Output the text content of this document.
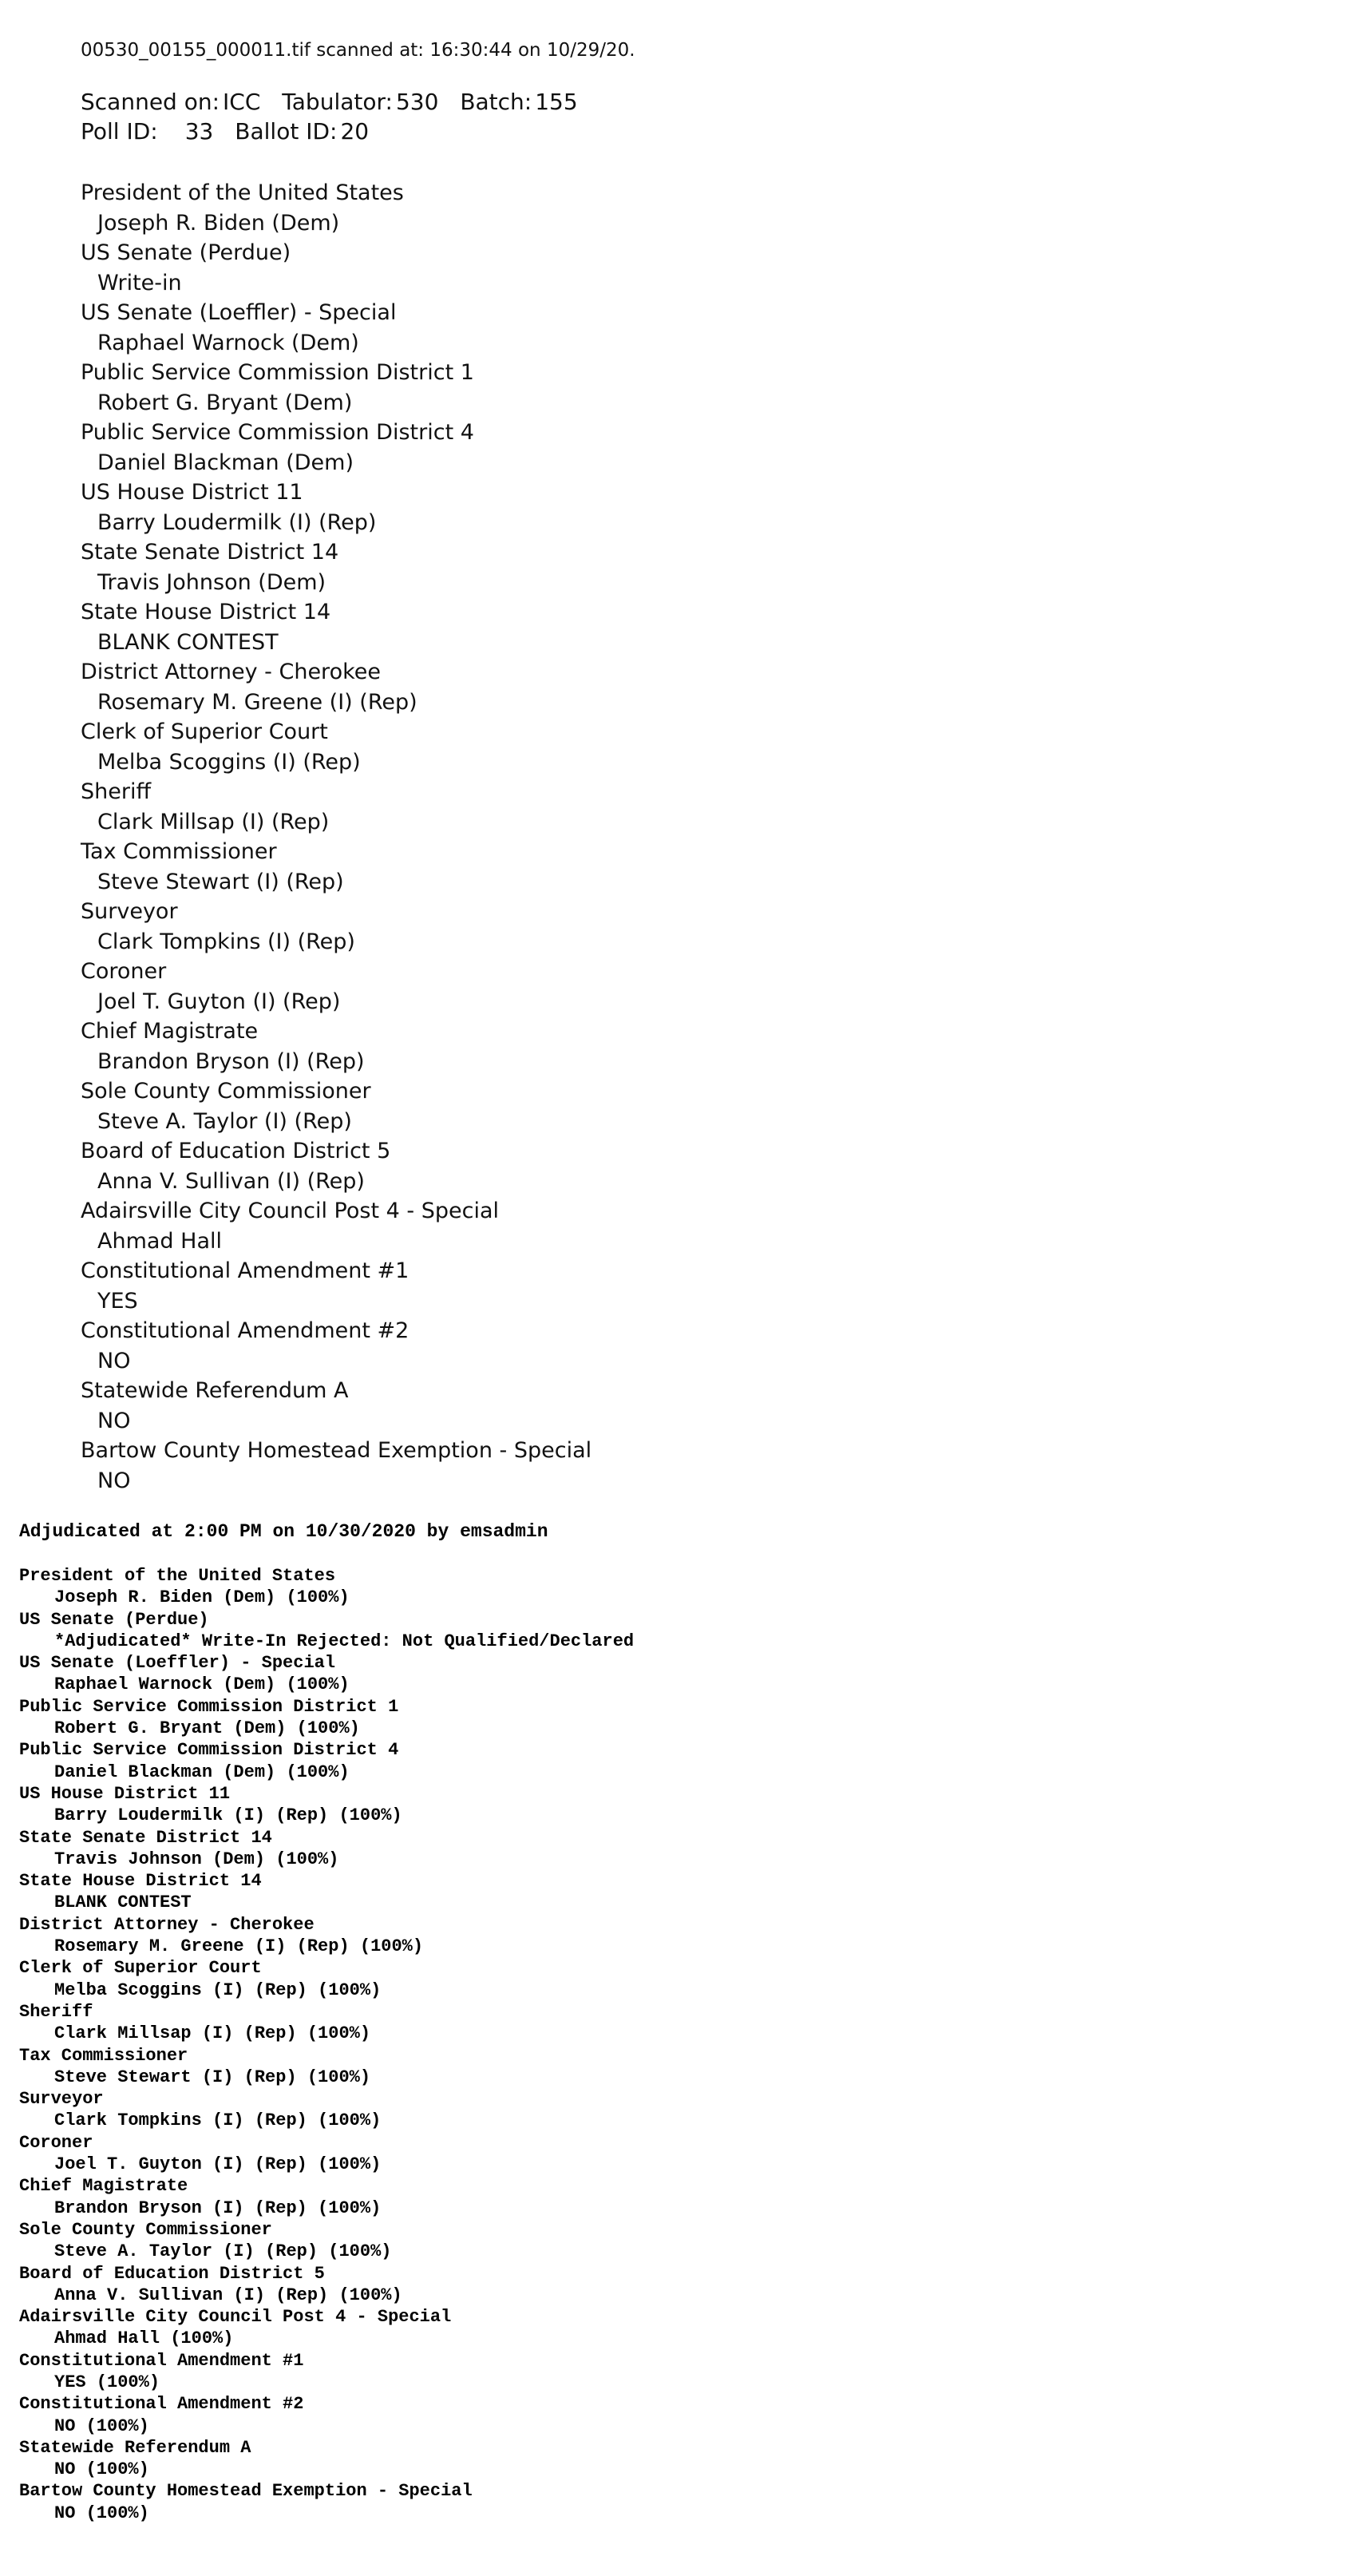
00530_00155_000011.tif scanned at: 16:30:44 on 10/29/20.
Scanned on: ICC Tabulator: 530 Batch: 155
Poll ID: 33 Ballot ID: 20
President of the United States
Joseph R. Biden (Dem)
US Senate (Perdue)
Write-in
US Senate (Loeffler) - Special
Raphael Warnock (Dem)
Public Service Commission District 1
Robert G. Bryant (Dem)
Public Service Commission District 4
Daniel Blackman (Dem)
US House District 11
Barry Loudermilk (I) (Rep)
State Senate District 14
Travis Johnson (Dem)
State House District 14
BLANK CONTEST
District Attorney - Cherokee
Rosemary M. Greene (I) (Rep)
Clerk of Superior Court
Melba Scoggins (I) (Rep)
Sheriff
Clark Millsap (I) (Rep)
Tax Commissioner
Steve Stewart (I) (Rep)
Surveyor
Clark Tompkins (I) (Rep)
Coroner
Joel T. Guyton (I) (Rep)
Chief Magistrate
Brandon Bryson (I) (Rep)
Sole County Commissioner
Steve A. Taylor (I) (Rep)
Board of Education District 5
Anna V. Sullivan (I) (Rep)
Adairsville City Council Post 4 - Special
Ahmad Hall
Constitutional Amendment #1
YES
Constitutional Amendment #2
NO
Statewide Referendum A
NO
Bartow County Homestead Exemption - Special
NO
Adjudicated at 2:00 PM on 10/30/2020 by emsadmin
President of the United States
Joseph R. Biden (Dem) (100%)
US Senate (Perdue)
*Adjudicated* Write-In Rejected: Not Qualified/Declared
US Senate (Loeffler) - Special
Raphael Warnock (Dem) (100%)
Public Service Commission District 1
Robert G. Bryant (Dem) (100%)
Public Service Commission District 4
Daniel Blackman (Dem) (100%)
US House District 11
Barry Loudermilk (I) (Rep) (100%)
State Senate District 14
Travis Johnson (Dem) (100%)
State House District 14
BLANK CONTEST
District Attorney - Cherokee
Rosemary M. Greene (I) (Rep) (100%)
Clerk of Superior Court
Melba Scoggins (I) (Rep) (100%)
Sheriff
Clark Millsap (I) (Rep) (100%)
Tax Commissioner
Steve Stewart (I) (Rep) (100%)
Surveyor
Clark Tompkins (I) (Rep) (100%)
Coroner
Joel T. Guyton (I) (Rep) (100%)
Chief Magistrate
Brandon Bryson (I) (Rep) (100%)
Sole County Commissioner
Steve A. Taylor (I) (Rep) (100%)
Board of Education District 5
Anna V. Sullivan (I) (Rep) (100%)
Adairsville City Council Post 4 - Special
Ahmad Hall (100%)
Constitutional Amendment #1
YES (100%)
Constitutional Amendment #2
NO (100%)
Statewide Referendum A
NO (100%)
Bartow County Homestead Exemption - Special
NO (100%)
